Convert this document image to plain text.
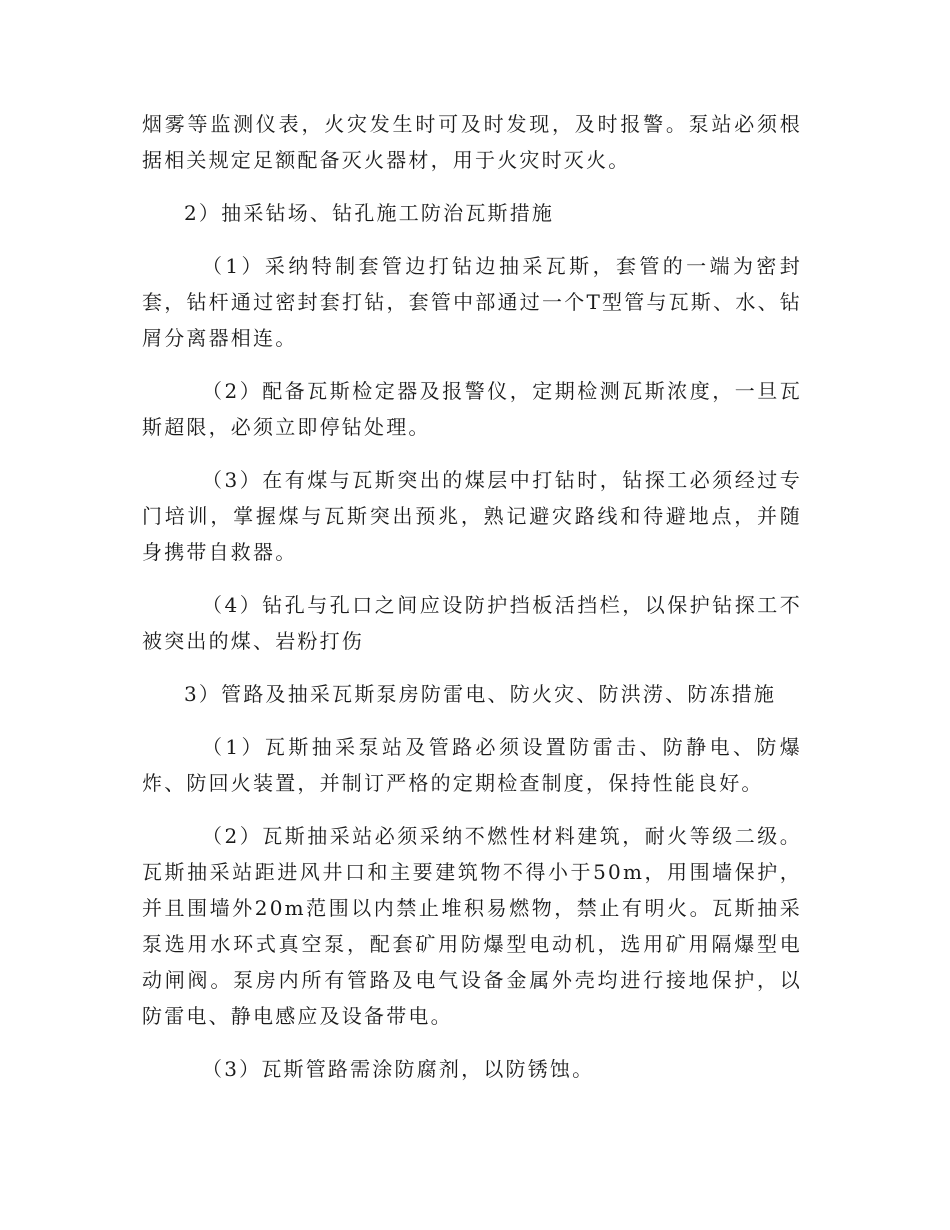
烟雾等监测仪表，火灾发生时可及时发现，及时报警。泵站必须根据相关规定足额配备灭火器材，用于火灾时灭火。

2）抽采钻场、钻孔施工防治瓦斯措施

（1）采纳特制套管边打钻边抽采瓦斯，套管的一端为密封套，钻杆通过密封套打钻，套管中部通过一个T型管与瓦斯、水、钻屑分离器相连。

（2）配备瓦斯检定器及报警仪，定期检测瓦斯浓度，一旦瓦斯超限，必须立即停钻处理。

（3）在有煤与瓦斯突出的煤层中打钻时，钻探工必须经过专门培训，掌握煤与瓦斯突出预兆，熟记避灾路线和待避地点，并随身携带自救器。

（4）钻孔与孔口之间应设防护挡板活挡栏，以保护钻探工不被突出的煤、岩粉打伤

3）管路及抽采瓦斯泵房防雷电、防火灾、防洪涝、防冻措施

（1）瓦斯抽采泵站及管路必须设置防雷击、防静电、防爆炸、防回火装置，并制订严格的定期检查制度，保持性能良好。

（2）瓦斯抽采站必须采纳不燃性材料建筑，耐火等级二级。瓦斯抽采站距进风井口和主要建筑物不得小于50m，用围墙保护，并且围墙外20m范围以内禁止堆积易燃物，禁止有明火。瓦斯抽采泵选用水环式真空泵，配套矿用防爆型电动机，选用矿用隔爆型电动闸阀。泵房内所有管路及电气设备金属外壳均进行接地保护，以防雷电、静电感应及设备带电。

（3）瓦斯管路需涂防腐剂，以防锈蚀。
